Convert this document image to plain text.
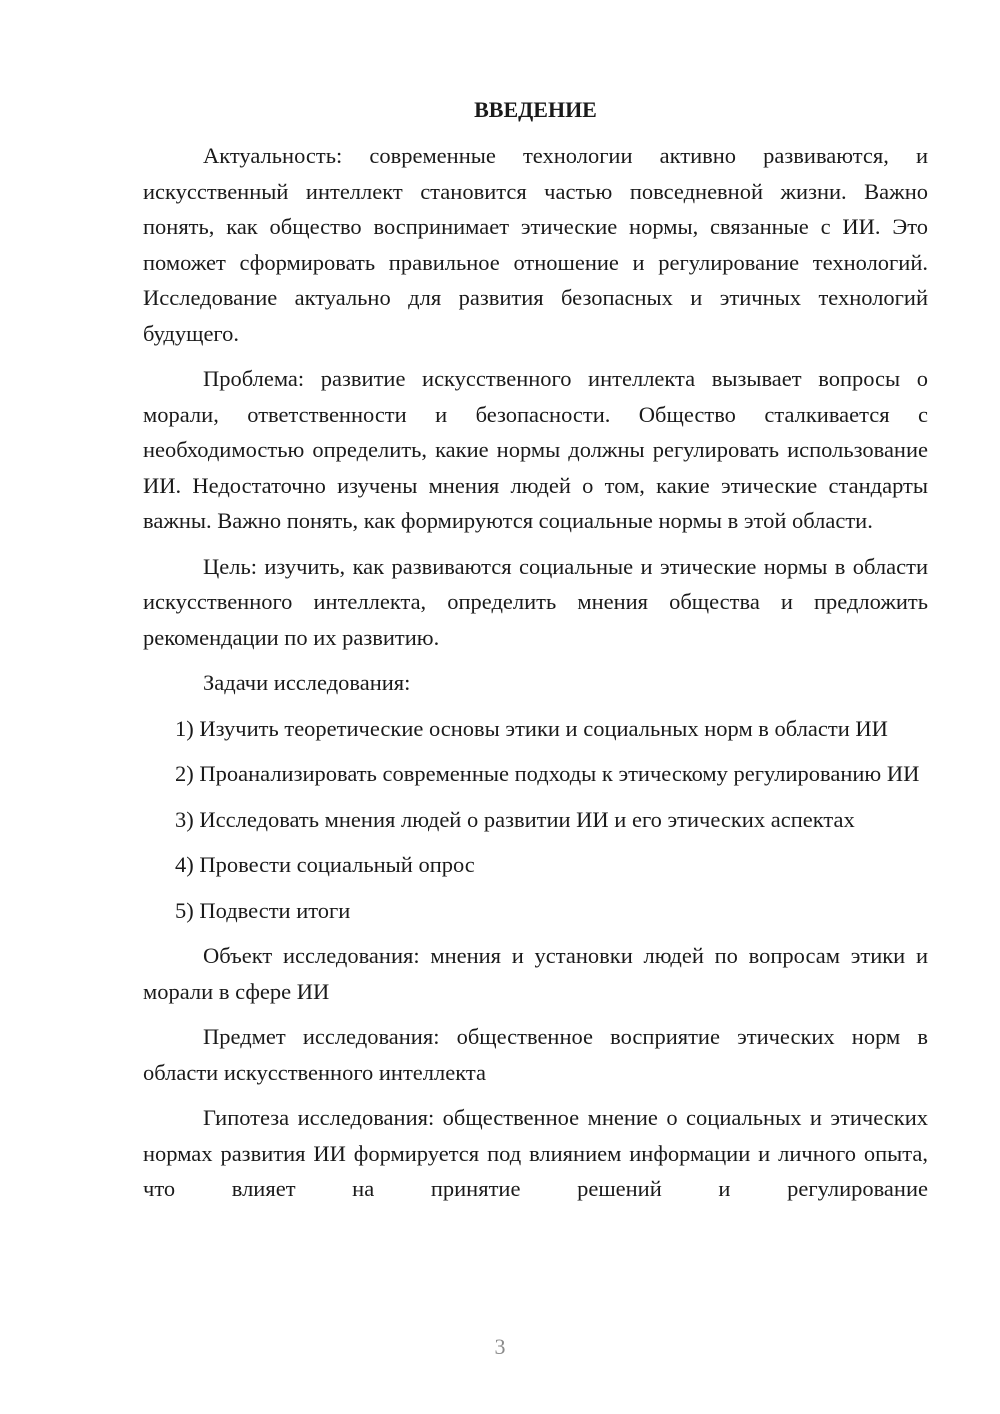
ВВЕДЕНИЕ

Актуальность: современные технологии активно развиваются, и искусственный интеллект становится частью повседневной жизни. Важно понять, как общество воспринимает этические нормы, связанные с ИИ. Это поможет сформировать правильное отношение и регулирование технологий. Исследование актуально для развития безопасных и этичных технологий будущего.

Проблема: развитие искусственного интеллекта вызывает вопросы о морали, ответственности и безопасности. Общество сталкивается с необходимостью определить, какие нормы должны регулировать использование ИИ. Недостаточно изучены мнения людей о том, какие этические стандарты важны. Важно понять, как формируются социальные нормы в этой области.

Цель: изучить, как развиваются социальные и этические нормы в области искусственного интеллекта, определить мнения общества и предложить рекомендации по их развитию.

Задачи исследования:

1) Изучить теоретические основы этики и социальных норм в области ИИ

2) Проанализировать современные подходы к этическому регулированию ИИ

3) Исследовать мнения людей о развитии ИИ и его этических аспектах

4) Провести социальный опрос

5) Подвести итоги

Объект исследования: мнения и установки людей по вопросам этики и морали в сфере ИИ

Предмет исследования: общественное восприятие этических норм в области искусственного интеллекта

Гипотеза исследования: общественное мнение о социальных и этических нормах развития ИИ формируется под влиянием информации и личного опыта, что влияет на принятие решений и регулирование

3
